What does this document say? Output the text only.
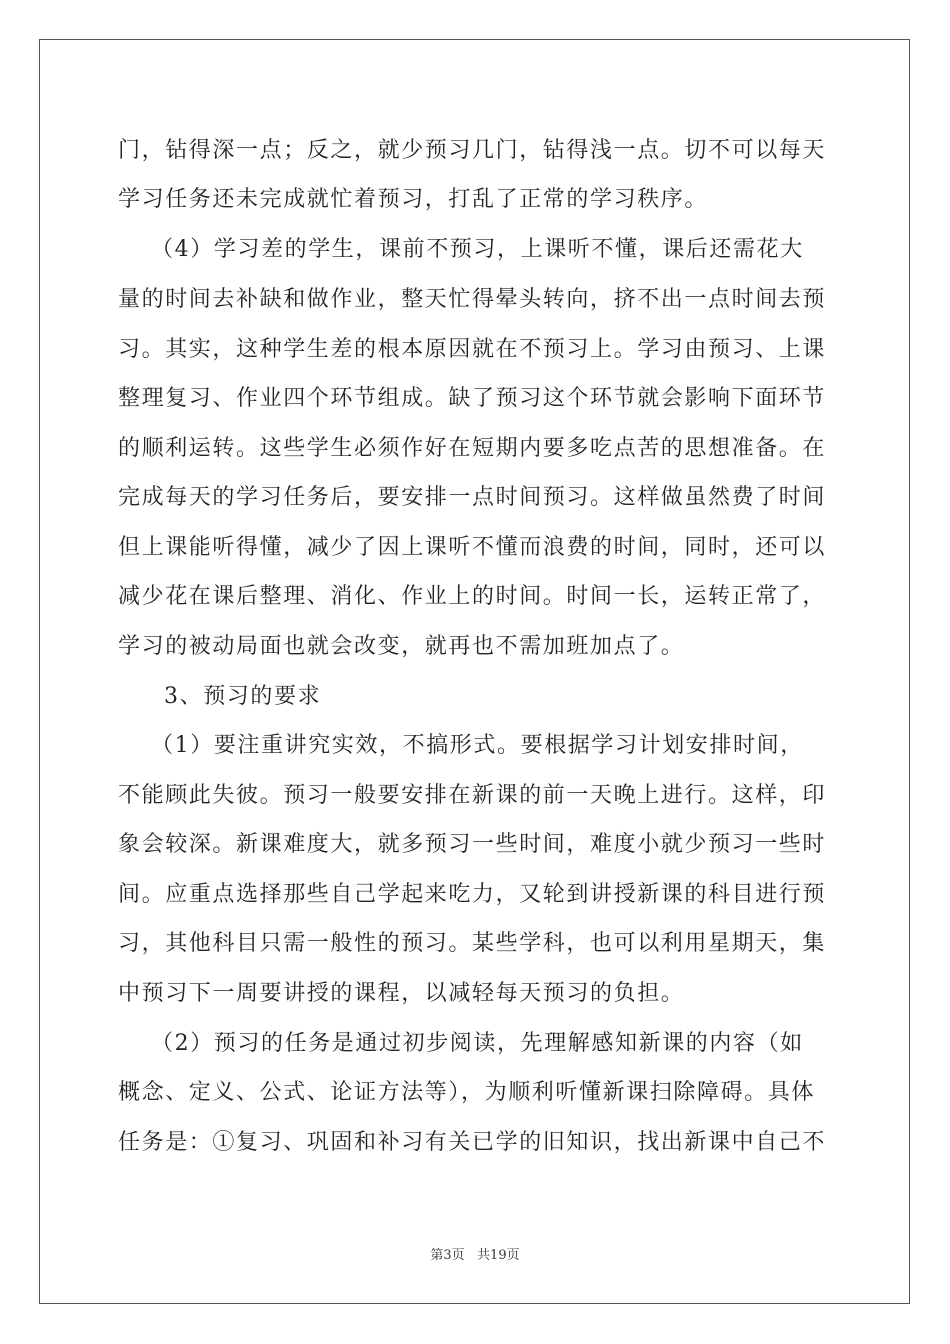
门，钻得深一点；反之，就少预习几门，钻得浅一点。切不可以每天
学习任务还未完成就忙着预习，打乱了正常的学习秩序。
（4）学习差的学生，课前不预习，上课听不懂，课后还需花大
量的时间去补缺和做作业，整天忙得晕头转向，挤不出一点时间去预
习。其实，这种学生差的根本原因就在不预习上。学习由预习、上课
整理复习、作业四个环节组成。缺了预习这个环节就会影响下面环节
的顺利运转。这些学生必须作好在短期内要多吃点苦的思想准备。在
完成每天的学习任务后，要安排一点时间预习。这样做虽然费了时间
但上课能听得懂，减少了因上课听不懂而浪费的时间，同时，还可以
减少花在课后整理、消化、作业上的时间。时间一长，运转正常了，
学习的被动局面也就会改变，就再也不需加班加点了。
3、预习的要求
（1）要注重讲究实效，不搞形式。要根据学习计划安排时间，
不能顾此失彼。预习一般要安排在新课的前一天晚上进行。这样，印
象会较深。新课难度大，就多预习一些时间，难度小就少预习一些时
间。应重点选择那些自己学起来吃力，又轮到讲授新课的科目进行预
习，其他科目只需一般性的预习。某些学科，也可以利用星期天，集
中预习下一周要讲授的课程，以减轻每天预习的负担。
（2）预习的任务是通过初步阅读，先理解感知新课的内容（如
概念、定义、公式、论证方法等），为顺利听懂新课扫除障碍。具体
任务是：①复习、巩固和补习有关已学的旧知识，找出新课中自己不
第3页   共19页
